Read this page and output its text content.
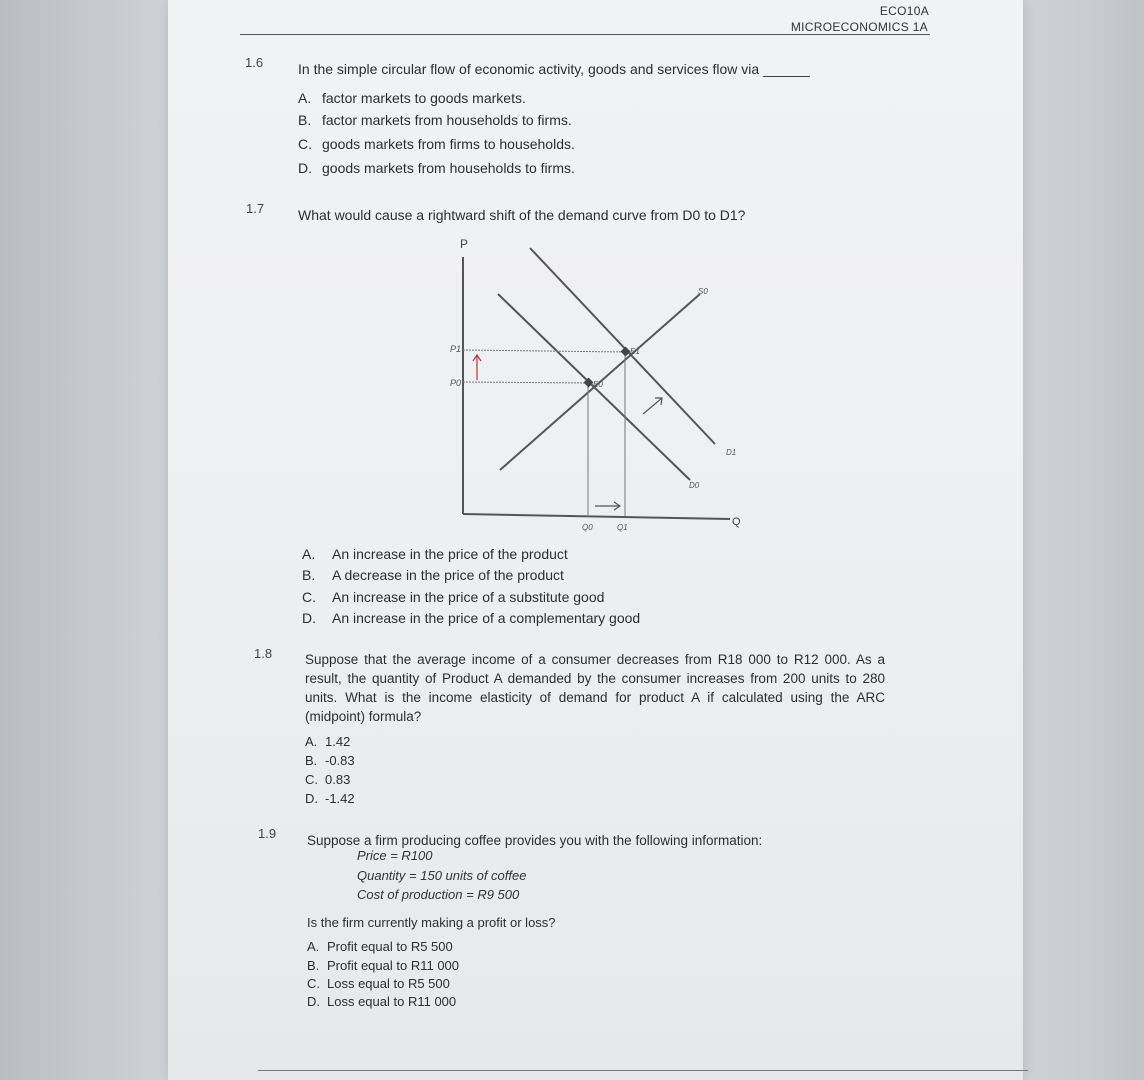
ECO10A
MICROECONOMICS 1A
1.6 In the simple circular flow of economic activity, goods and services flow via ______
A. factor markets to goods markets.
B. factor markets from households to firms.
C. goods markets from firms to households.
D. goods markets from households to firms.
1.7 What would cause a rightward shift of the demand curve from D0 to D1?
P
Q
S0
D0
D1
E1
E0
P1
P0
Q0	Q1
A. An increase in the price of the product
B. A decrease in the price of the product
C. An increase in the price of a substitute good
D. An increase in the price of a complementary good
1.8 Suppose that the average income of a consumer decreases from R18 000 to R12 000. As a result, the quantity of Product A demanded by the consumer increases from 200 units to 280 units. What is the income elasticity of demand for product A if calculated using the ARC (midpoint) formula?
A. 1.42
B. -0.83
C. 0.83
D. -1.42
1.9 Suppose a firm producing coffee provides you with the following information:
Price = R100
Quantity = 150 units of coffee
Cost of production = R9 500
Is the firm currently making a profit or loss?
A. Profit equal to R5 500
B. Profit equal to R11 000
C. Loss equal to R5 500
D. Loss equal to R11 000
